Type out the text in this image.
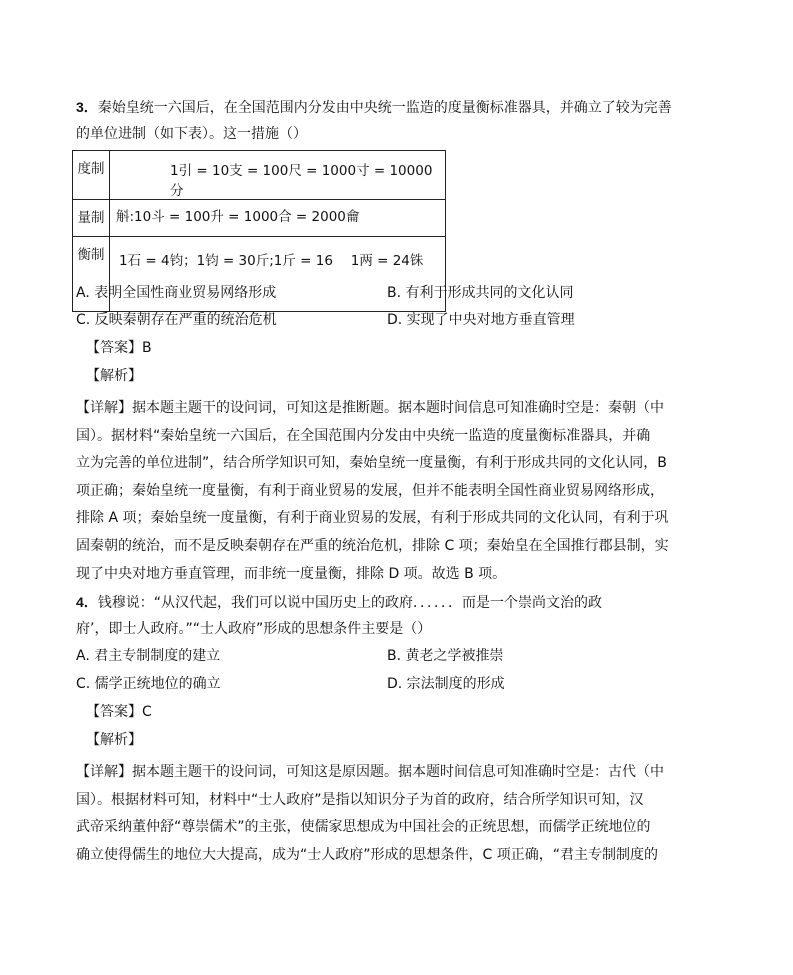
3．秦始皇统一六国后，在全国范围内分发由中央统一监造的度量衡标准器具，并确立了较为完善
的单位进制（如下表）。这一措施（）
度制	1引 = 10支 = 100尺 = 1000寸 = 10000分
量制	斛:10斗 = 100升 = 1000合 = 2000龠
衡制	1石 = 4钧；1钧 = 30斤;1斤 = 16　 1两 = 24铢
A. 表明全国性商业贸易网络形成	B. 有利于形成共同的文化认同
C. 反映秦朝存在严重的统治危机	D. 实现了中央对地方垂直管理
【答案】B
【解析】

【详解】据本题主题干的设问词，可知这是推断题。据本题时间信息可知准确时空是：秦朝（中

国）。据材料“秦始皇统一六国后，在全国范围内分发由中央统一监造的度量衡标准器具，并确

立为完善的单位进制”，结合所学知识可知，秦始皇统一度量衡，有利于形成共同的文化认同，B

项正确；秦始皇统一度量衡，有利于商业贸易的发展，但并不能表明全国性商业贸易网络形成，

排除 A 项；秦始皇统一度量衡，有利于商业贸易的发展，有利于形成共同的文化认同，有利于巩

固秦朝的统治，而不是反映秦朝存在严重的统治危机，排除 C 项；秦始皇在全国推行郡县制，实

现了中央对地方垂直管理，而非统一度量衡，排除 D 项。故选 B 项。

4．钱穆说：“从汉代起，我们可以说中国历史上的政府．．．．．．而是一个崇尚文治的政
府’，即士人政府。”“士人政府”形成的思想条件主要是（）
A. 君主专制制度的建立	B. 黄老之学被推崇
C. 儒学正统地位的确立	D. 宗法制度的形成
【答案】C
【解析】

【详解】据本题主题干的设问词，可知这是原因题。据本题时间信息可知准确时空是：古代（中

国）。根据材料可知，材料中“士人政府”是指以知识分子为首的政府，结合所学知识可知，汉

武帝采纳董仲舒“尊崇儒术”的主张，使儒家思想成为中国社会的正统思想，而儒学正统地位的

确立使得儒生的地位大大提高，成为“士人政府”形成的思想条件，C 项正确，“君主专制制度的
